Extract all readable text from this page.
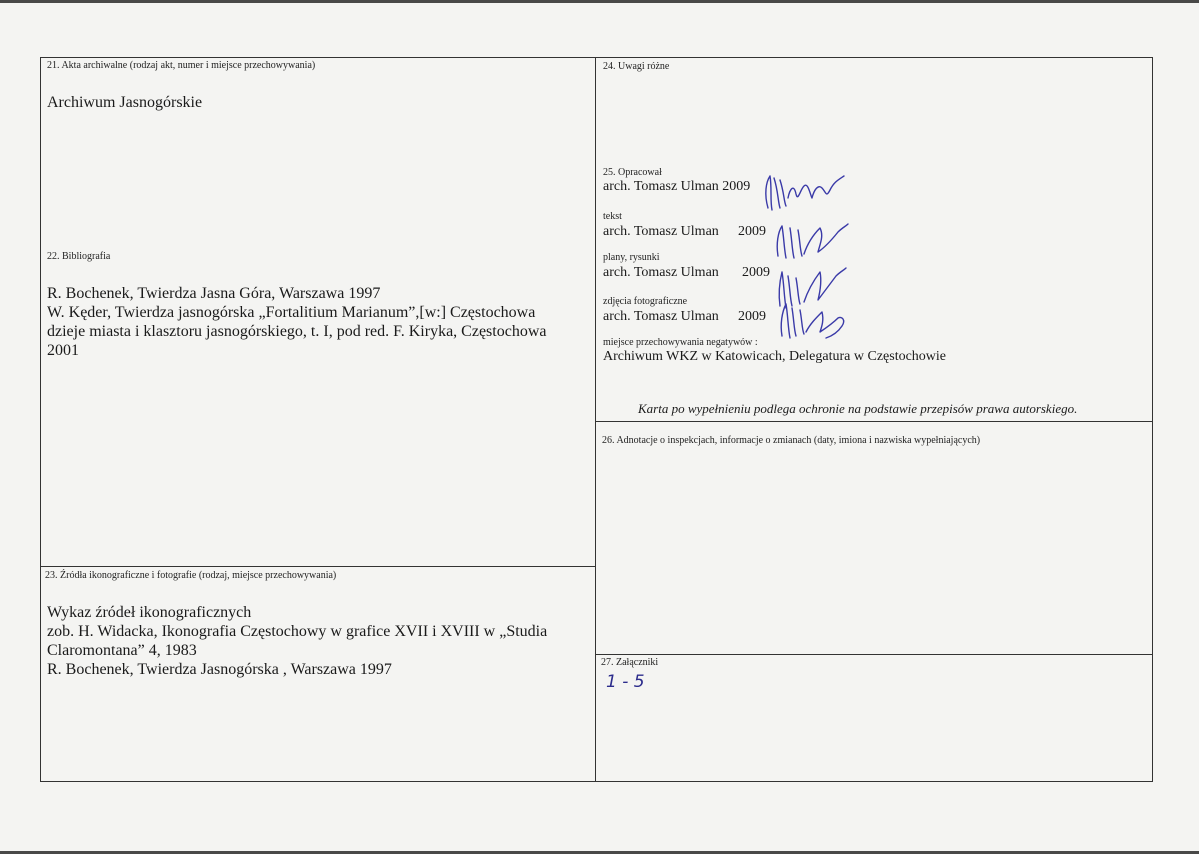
21. Akta archiwalne (rodzaj akt, numer i miejsce przechowywania)
Archiwum Jasnogórskie
22. Bibliografia
R. Bochenek, Twierdza Jasna Góra, Warszawa 1997
W. Kęder, Twierdza jasnogórska „Fortalitium Marianum”,[w:] Częstochowa
dzieje miasta i klasztoru jasnogórskiego, t. I, pod red. F. Kiryka, Częstochowa
2001
23. Źródła ikonograficzne i fotografie (rodzaj, miejsce przechowywania)
Wykaz źródeł ikonograficznych
zob. H. Widacka, Ikonografia Częstochowy w grafice XVII i XVIII w „Studia
Claromontana” 4, 1983
R. Bochenek, Twierdza Jasnogórska , Warszawa 1997
24. Uwagi różne
25. Opracował
arch. Tomasz Ulman 2009
tekst
arch. Tomasz Ulman 2009
plany, rysunki
arch. Tomasz Ulman 2009
zdjęcia fotograficzne
arch. Tomasz Ulman 2009
miejsce przechowywania negatywów :
Archiwum WKZ w Katowicach, Delegatura w Częstochowie
Karta po wypełnieniu podlega ochronie na podstawie przepisów prawa autorskiego.
26. Adnotacje o inspekcjach, informacje o zmianach (daty, imiona i nazwiska wypełniających)
27. Załączniki
1 - 5
